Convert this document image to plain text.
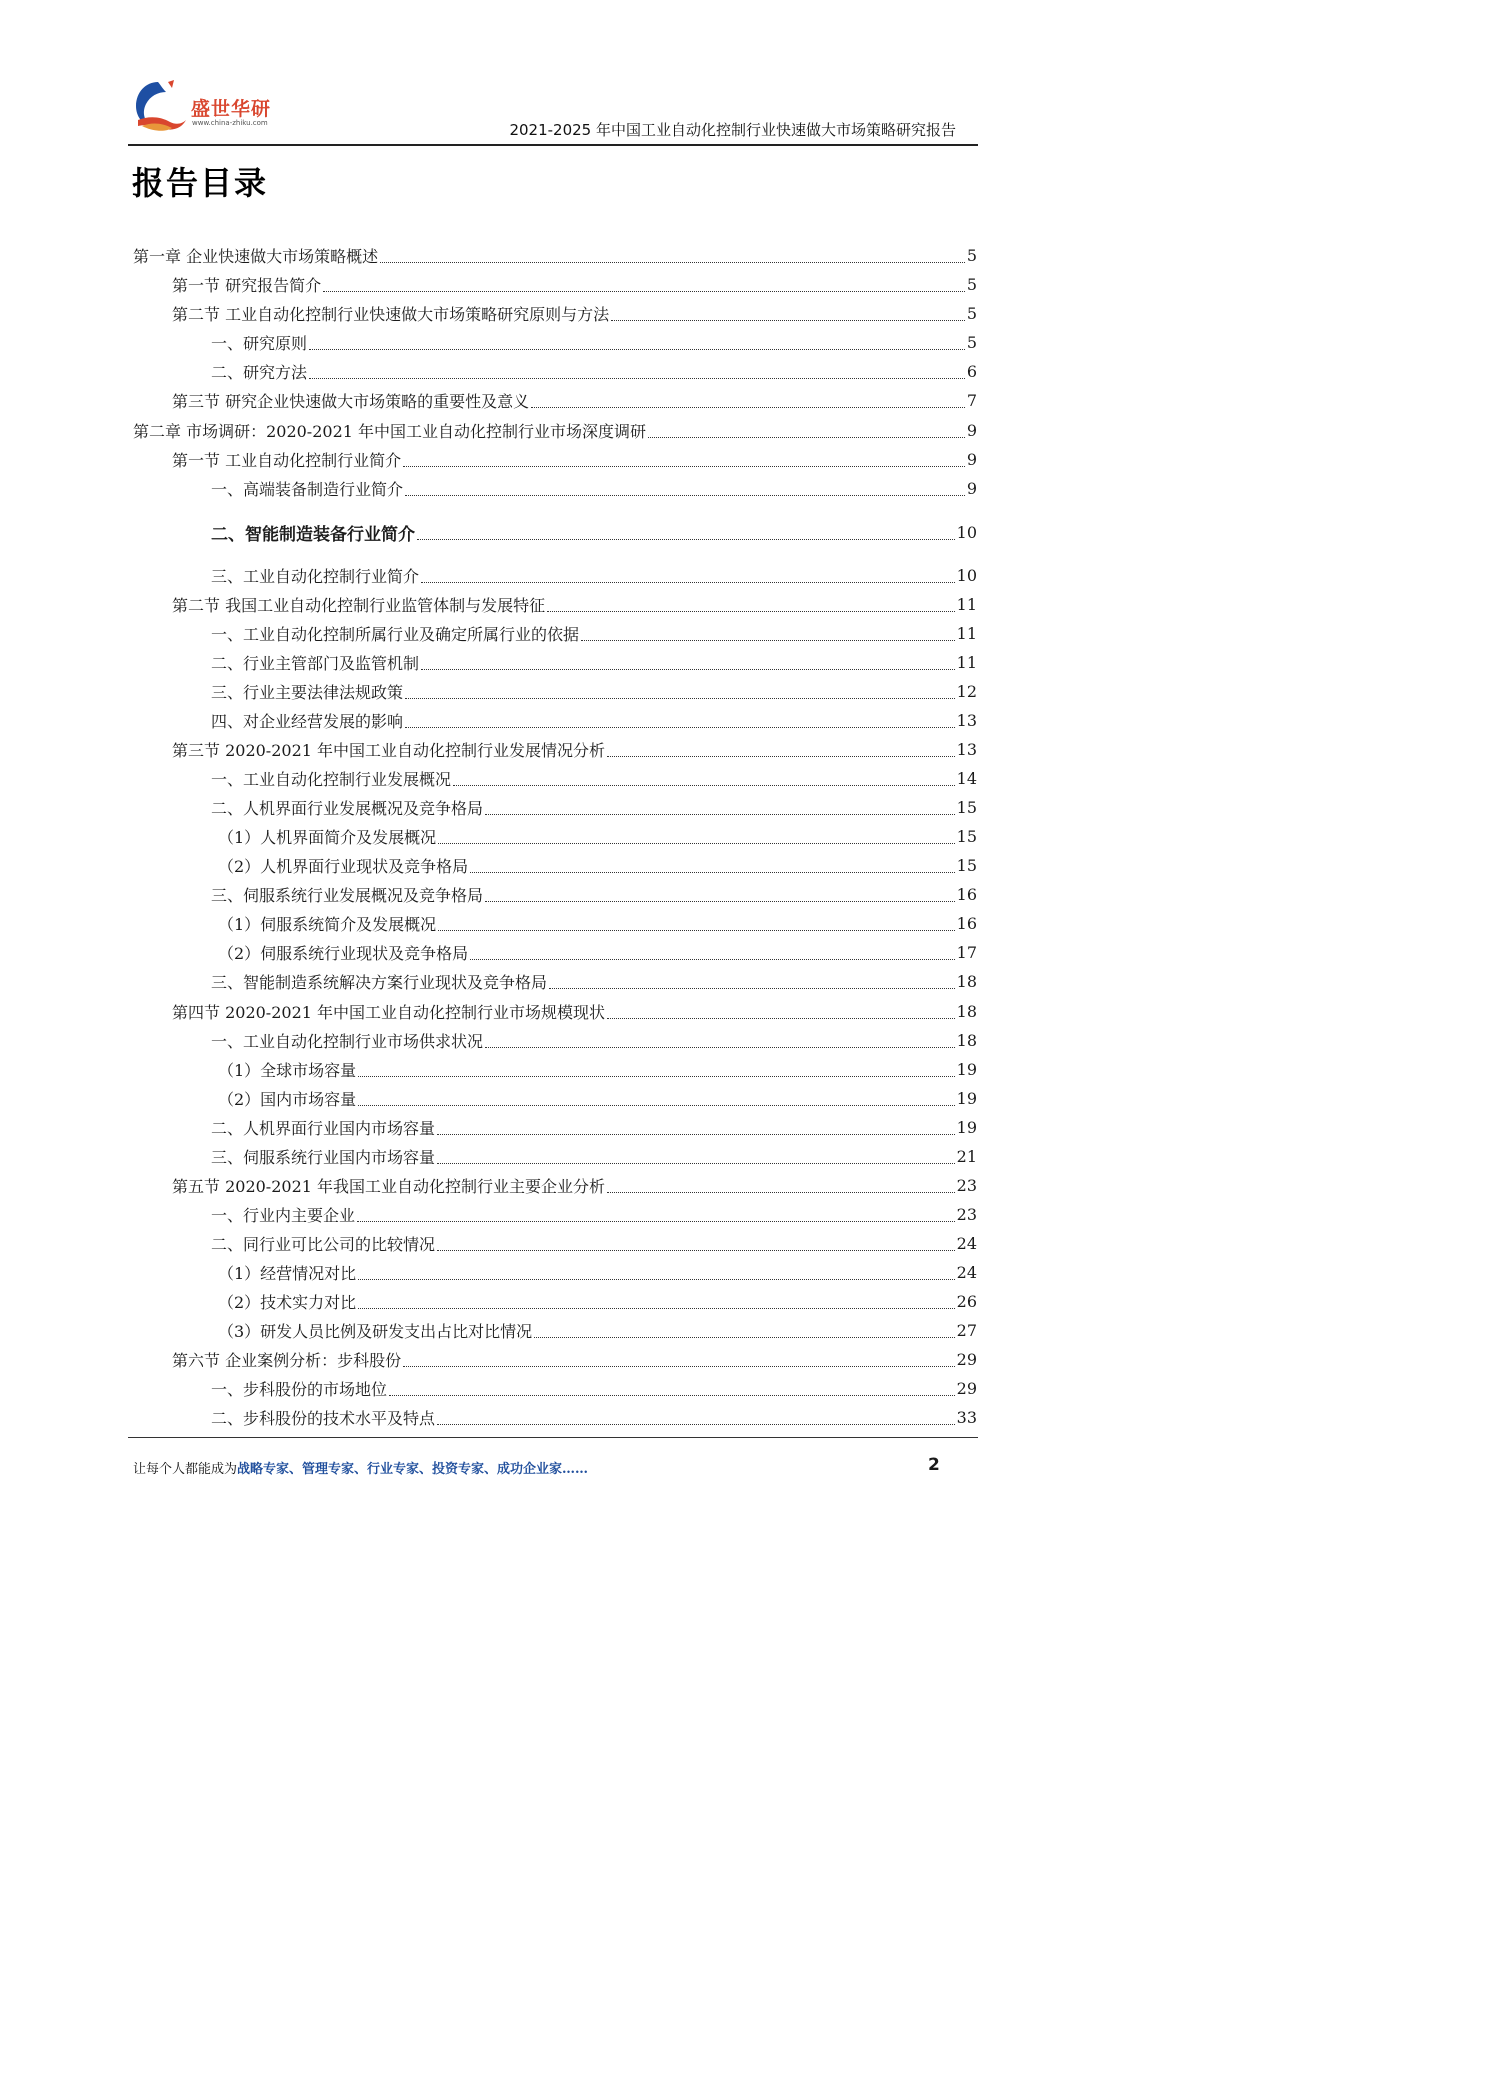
盛世华研
www.china-zhiku.com	2021-2025 年中国工业自动化控制行业快速做大市场策略研究报告
报告目录
第一章 企业快速做大市场策略概述	5
第一节 研究报告简介	5
第二节 工业自动化控制行业快速做大市场策略研究原则与方法	5
一、研究原则	5
二、研究方法	6
第三节 研究企业快速做大市场策略的重要性及意义	7
第二章 市场调研：2020-2021 年中国工业自动化控制行业市场深度调研	9
第一节 工业自动化控制行业简介	9
一、高端装备制造行业简介	9
二、智能制造装备行业简介	10
三、工业自动化控制行业简介	10
第二节 我国工业自动化控制行业监管体制与发展特征	11
一、工业自动化控制所属行业及确定所属行业的依据	11
二、行业主管部门及监管机制	11
三、行业主要法律法规政策	12
四、对企业经营发展的影响	13
第三节 2020-2021 年中国工业自动化控制行业发展情况分析	13
一、工业自动化控制行业发展概况	14
二、人机界面行业发展概况及竞争格局	15
（1）人机界面简介及发展概况	15
（2）人机界面行业现状及竞争格局	15
三、伺服系统行业发展概况及竞争格局	16
（1）伺服系统简介及发展概况	16
（2）伺服系统行业现状及竞争格局	17
三、智能制造系统解决方案行业现状及竞争格局	18
第四节 2020-2021 年中国工业自动化控制行业市场规模现状	18
一、工业自动化控制行业市场供求状况	18
（1）全球市场容量	19
（2）国内市场容量	19
二、人机界面行业国内市场容量	19
三、伺服系统行业国内市场容量	21
第五节 2020-2021 年我国工业自动化控制行业主要企业分析	23
一、行业内主要企业	23
二、同行业可比公司的比较情况	24
（1）经营情况对比	24
（2）技术实力对比	26
（3）研发人员比例及研发支出占比对比情况	27
第六节 企业案例分析：步科股份	29
一、步科股份的市场地位	29
二、步科股份的技术水平及特点	33
让每个人都能成为战略专家、管理专家、行业专家、投资专家、成功企业家……	2
